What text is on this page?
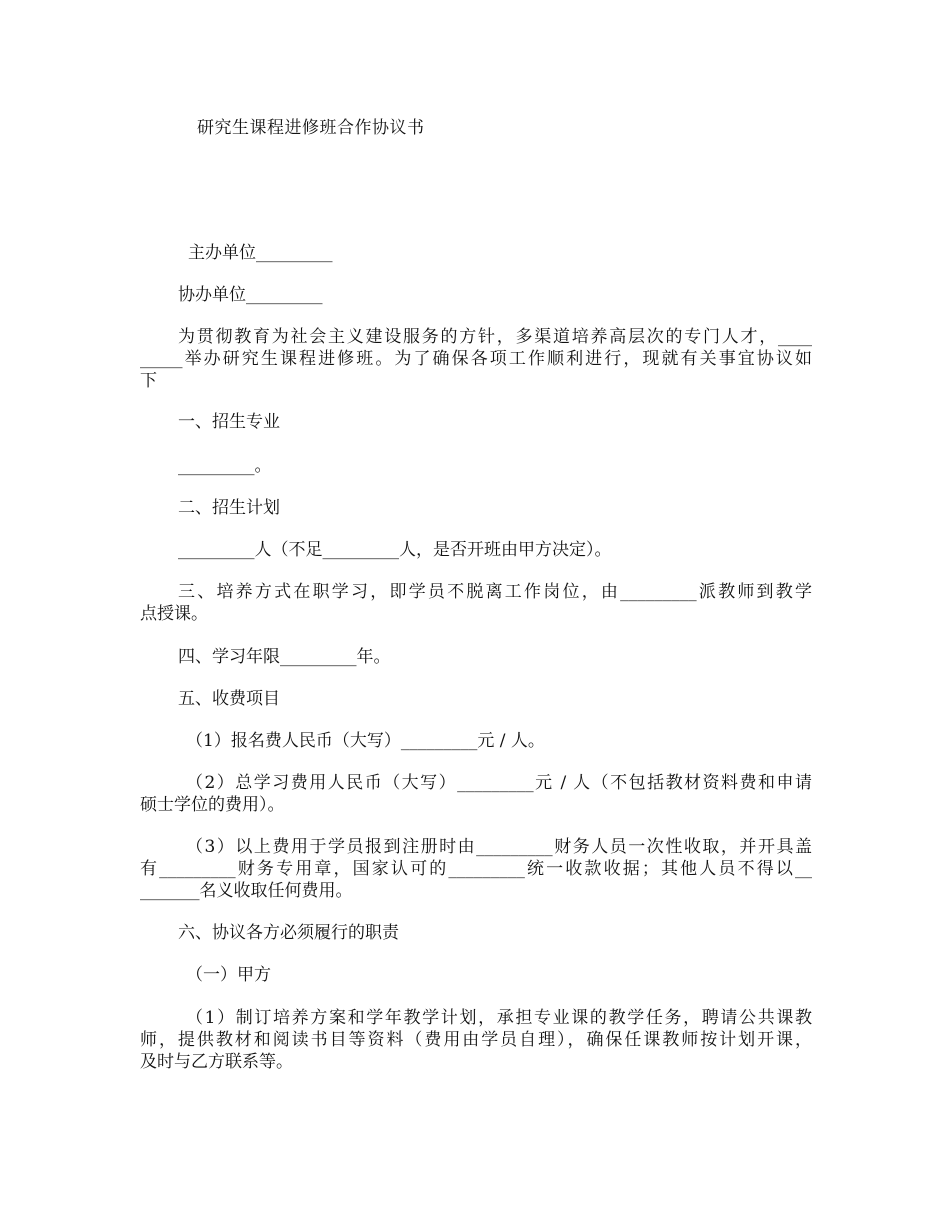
研究生课程进修班合作协议书
主办单位_________
协办单位_________
为贯彻教育为社会主义建设服务的方针，多渠道培养高层次的专门人才，____
_____举办研究生课程进修班。为了确保各项工作顺利进行，现就有关事宜协议如
下
一、招生专业
_________。
二、招生计划
_________人（不足_________人，是否开班由甲方决定）。
三、培养方式在职学习，即学员不脱离工作岗位，由_________派教师到教学
点授课。
四、学习年限_________年。
五、收费项目
（1）报名费人民币（大写）_________元 / 人。
（2）总学习费用人民币（大写）_________元 / 人（不包括教材资料费和申请
硕士学位的费用）。
（3）以上费用于学员报到注册时由_________财务人员一次性收取，并开具盖
有_________财务专用章，国家认可的_________统一收款收据；其他人员不得以__
_______名义收取任何费用。
六、协议各方必须履行的职责
（一）甲方
（1）制订培养方案和学年教学计划，承担专业课的教学任务，聘请公共课教
师，提供教材和阅读书目等资料（费用由学员自理），确保任课教师按计划开课，
及时与乙方联系等。
